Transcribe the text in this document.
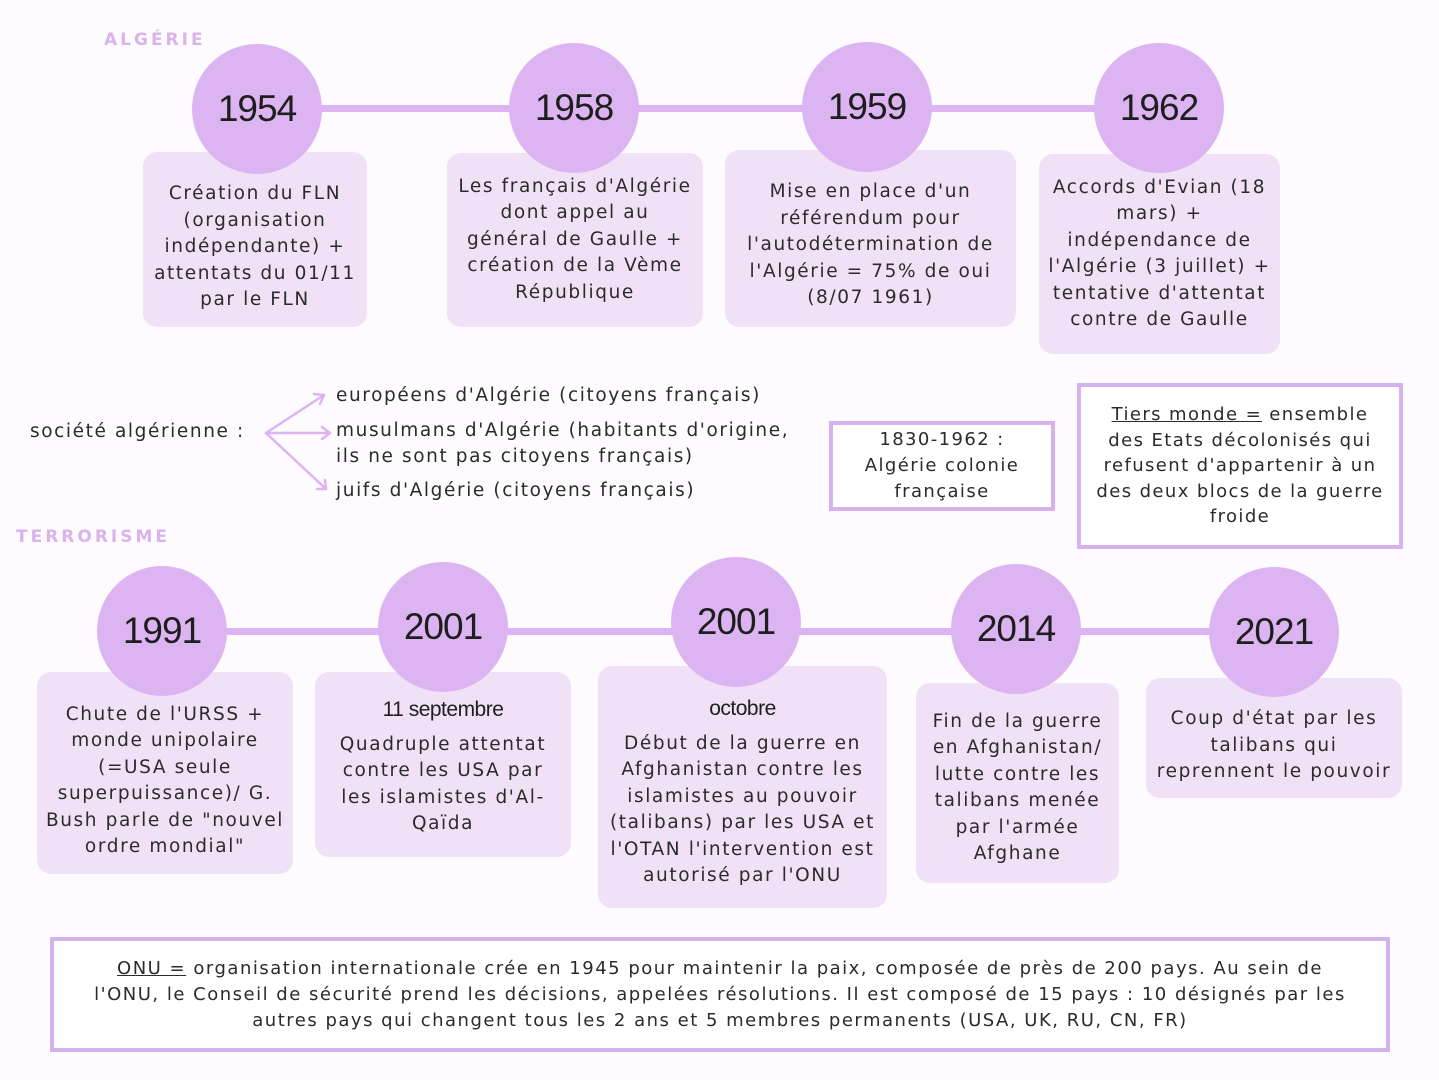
ALGÉRIE
1954
Création du FLN (organisation indépendante) + attentats du 01/11 par le FLN
1958
Les français d'Algérie dont appel au général de Gaulle + création de la Vème République
1959
Mise en place d'un référendum pour l'autodétermination de l'Algérie = 75% de oui (8/07 1961)
1962
Accords d'Evian (18 mars) + indépendance de l'Algérie (3 juillet) + tentative d'attentat contre de Gaulle
société algérienne :
européens d'Algérie (citoyens français)
musulmans d'Algérie (habitants d'origine, ils ne sont pas citoyens français)
juifs d'Algérie (citoyens français)
1830-1962 : Algérie colonie française
Tiers monde = ensemble des Etats décolonisés qui refusent d'appartenir à un des deux blocs de la guerre froide
TERRORISME
1991
Chute de l'URSS + monde unipolaire (=USA seule superpuissance)/ G. Bush parle de "nouvel ordre mondial"
2001
11 septembre
Quadruple attentat contre les USA par les islamistes d'Al-Qaïda
2001
octobre
Début de la guerre en Afghanistan contre les islamistes au pouvoir (talibans) par les USA et l'OTAN l'intervention est autorisé par l'ONU
2014
Fin de la guerre en Afghanistan/ lutte contre les talibans menée par l'armée Afghane
2021
Coup d'état par les talibans qui reprennent le pouvoir
ONU = organisation internationale crée en 1945 pour maintenir la paix, composée de près de 200 pays. Au sein de l'ONU, le Conseil de sécurité prend les décisions, appelées résolutions. Il est composé de 15 pays : 10 désignés par les autres pays qui changent tous les 2 ans et 5 membres permanents (USA, UK, RU, CN, FR)
